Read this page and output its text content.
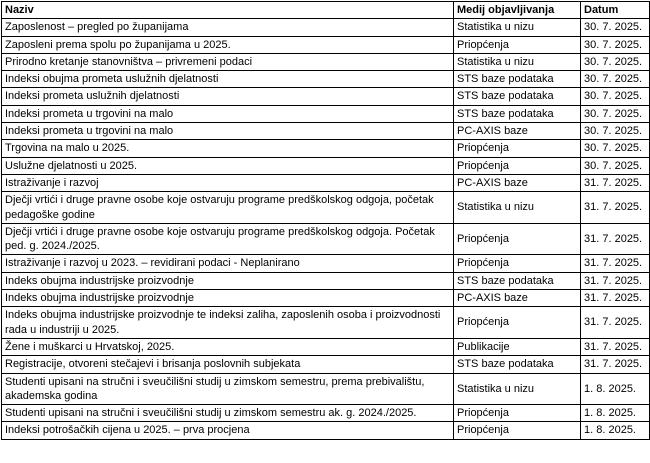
Naziv	Medij objavljivanja	Datum
Zaposlenost – pregled po županijama	Statistika u nizu	30. 7. 2025.
Zaposleni prema spolu po županijama u 2025.	Priopćenja	30. 7. 2025.
Prirodno kretanje stanovništva – privremeni podaci	Statistika u nizu	30. 7. 2025.
Indeksi obujma prometa uslužnih djelatnosti	STS baze podataka	30. 7. 2025.
Indeksi prometa uslužnih djelatnosti	STS baze podataka	30. 7. 2025.
Indeksi prometa u trgovini na malo	STS baze podataka	30. 7. 2025.
Indeksi prometa u trgovini na malo	PC-AXIS baze	30. 7. 2025.
Trgovina na malo u 2025.	Priopćenja	30. 7. 2025.
Uslužne djelatnosti u 2025.	Priopćenja	30. 7. 2025.
Istraživanje i razvoj	PC-AXIS baze	31. 7. 2025.
Dječji vrtići i druge pravne osobe koje ostvaruju programe predškolskog odgoja, početak pedagoške godine	Statistika u nizu	31. 7. 2025.
Dječji vrtići i druge pravne osobe koje ostvaruju programe predškolskog odgoja. Početak ped. g. 2024./2025.	Priopćenja	31. 7. 2025.
Istraživanje i razvoj u 2023. – revidirani podaci - Neplanirano	Priopćenja	31. 7. 2025.
Indeks obujma industrijske proizvodnje	STS baze podataka	31. 7. 2025.
Indeks obujma industrijske proizvodnje	PC-AXIS baze	31. 7. 2025.
Indeks obujma industrijske proizvodnje te indeksi zaliha, zaposlenih osoba i proizvodnosti rada u industriji u 2025.	Priopćenja	31. 7. 2025.
Žene i muškarci u Hrvatskoj, 2025.	Publikacije	31. 7. 2025.
Registracije, otvoreni stečajevi i brisanja poslovnih subjekata	STS baze podataka	31. 7. 2025.
Studenti upisani na stručni i sveučilišni studij u zimskom semestru, prema prebivalištu, akademska godina	Statistika u nizu	1. 8. 2025.
Studenti upisani na stručni i sveučilišni studij u zimskom semestru ak. g. 2024./2025.	Priopćenja	1. 8. 2025.
Indeksi potrošačkih cijena u 2025. – prva procjena	Priopćenja	1. 8. 2025.
